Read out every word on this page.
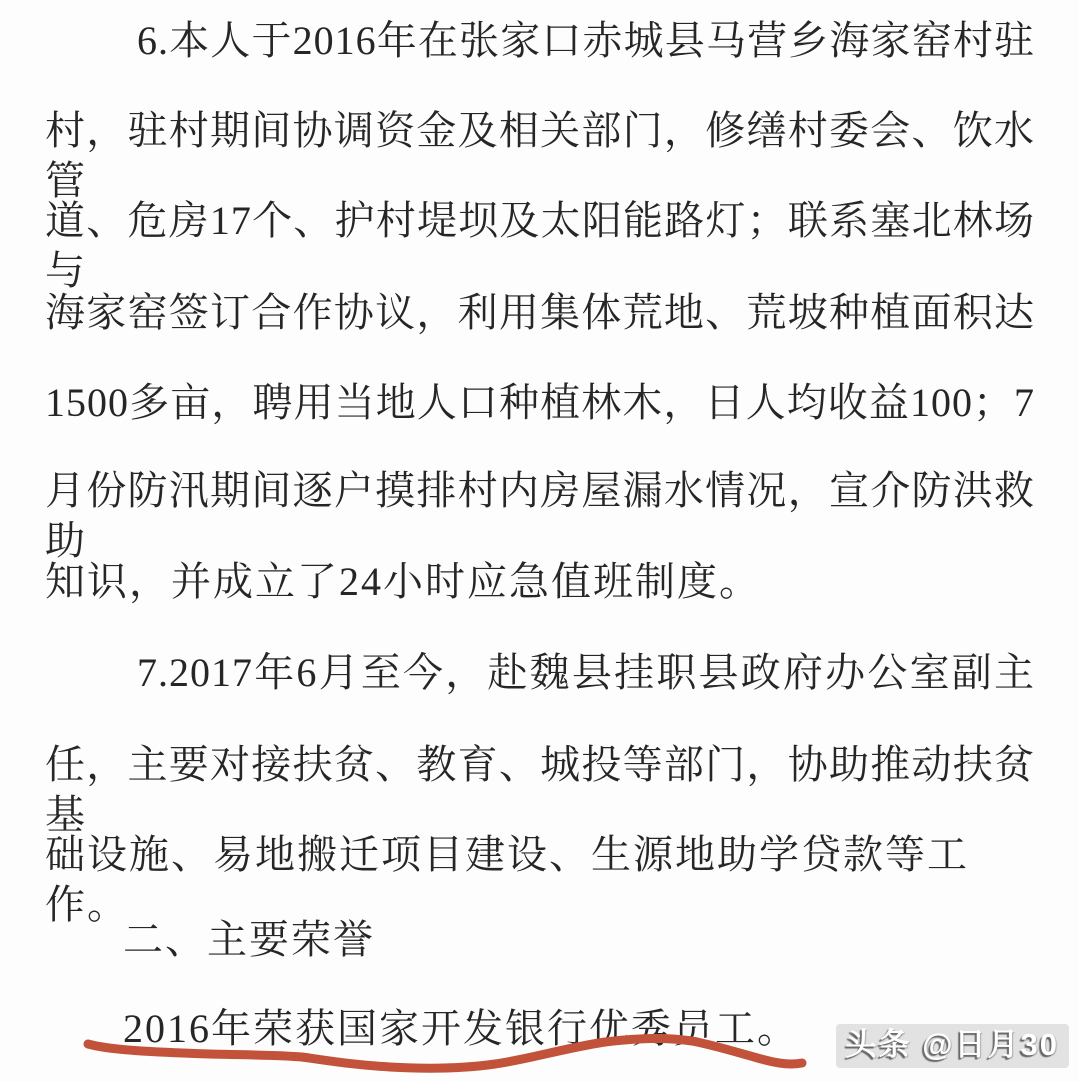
6.本人于2016年在张家口赤城县马营乡海家窑村驻
村，驻村期间协调资金及相关部门，修缮村委会、饮水管
道、危房17个、护村堤坝及太阳能路灯；联系塞北林场与
海家窑签订合作协议，利用集体荒地、荒坡种植面积达
1500多亩，聘用当地人口种植林木，日人均收益100；7
月份防汛期间逐户摸排村内房屋漏水情况，宣介防洪救助
知识，并成立了24小时应急值班制度。
7.2017年6月至今，赴魏县挂职县政府办公室副主
任，主要对接扶贫、教育、城投等部门，协助推动扶贫基
础设施、易地搬迁项目建设、生源地助学贷款等工作。
二、主要荣誉
2016年荣获国家开发银行优秀员工。	头条 @日月30
